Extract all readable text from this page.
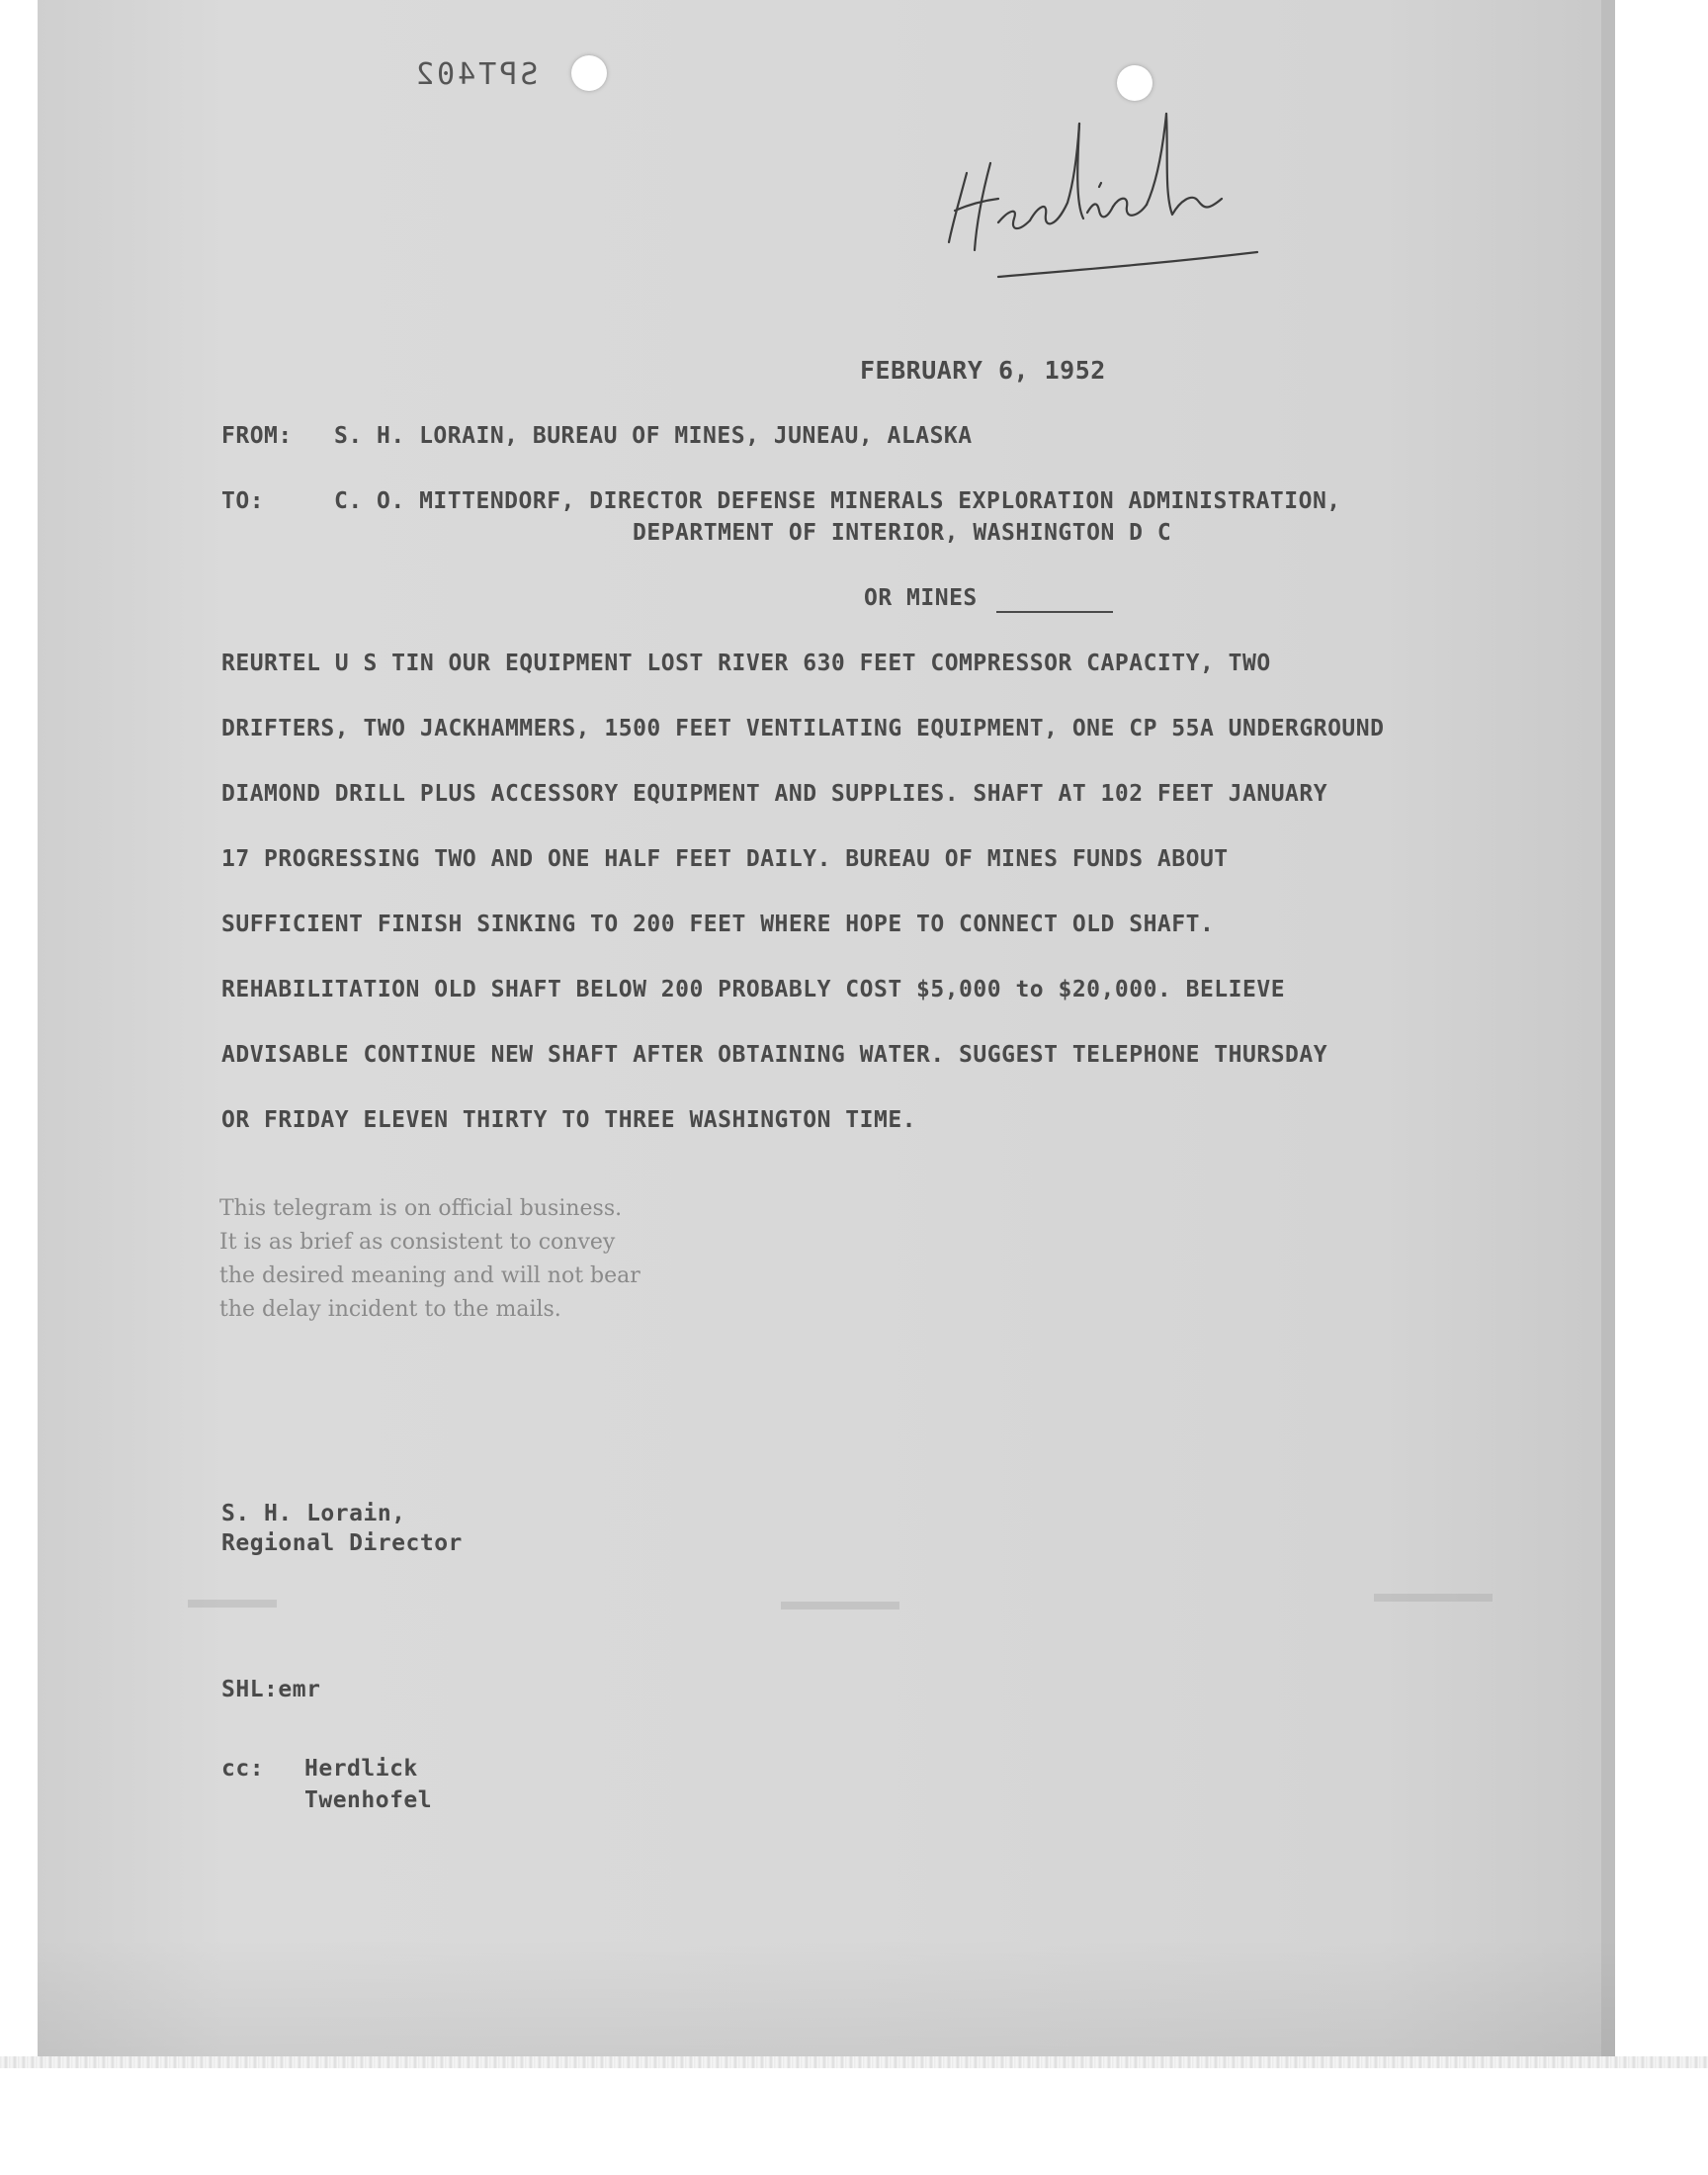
SPT402
FEBRUARY 6, 1952
FROM: S. H. LORAIN, BUREAU OF MINES, JUNEAU, ALASKA
TO:	C. O. MITTENDORF, DIRECTOR DEFENSE MINERALS EXPLORATION ADMINISTRATION,
DEPARTMENT OF INTERIOR, WASHINGTON D C
OR MINES
REURTEL U S TIN OUR EQUIPMENT LOST RIVER 630 FEET COMPRESSOR CAPACITY, TWO
DRIFTERS, TWO JACKHAMMERS, 1500 FEET VENTILATING EQUIPMENT, ONE CP 55A UNDERGROUND
DIAMOND DRILL PLUS ACCESSORY EQUIPMENT AND SUPPLIES. SHAFT AT 102 FEET JANUARY
17 PROGRESSING TWO AND ONE HALF FEET DAILY. BUREAU OF MINES FUNDS ABOUT
SUFFICIENT FINISH SINKING TO 200 FEET WHERE HOPE TO CONNECT OLD SHAFT.
REHABILITATION OLD SHAFT BELOW 200 PROBABLY COST $5,000 to $20,000. BELIEVE
ADVISABLE CONTINUE NEW SHAFT AFTER OBTAINING WATER. SUGGEST TELEPHONE THURSDAY
OR FRIDAY ELEVEN THIRTY TO THREE WASHINGTON TIME.
This telegram is on official business.
It is as brief as consistent to convey
the desired meaning and will not bear
the delay incident to the mails.
S. H. Lorain,
Regional Director
SHL:emr
cc: Herdlick
Twenhofel
